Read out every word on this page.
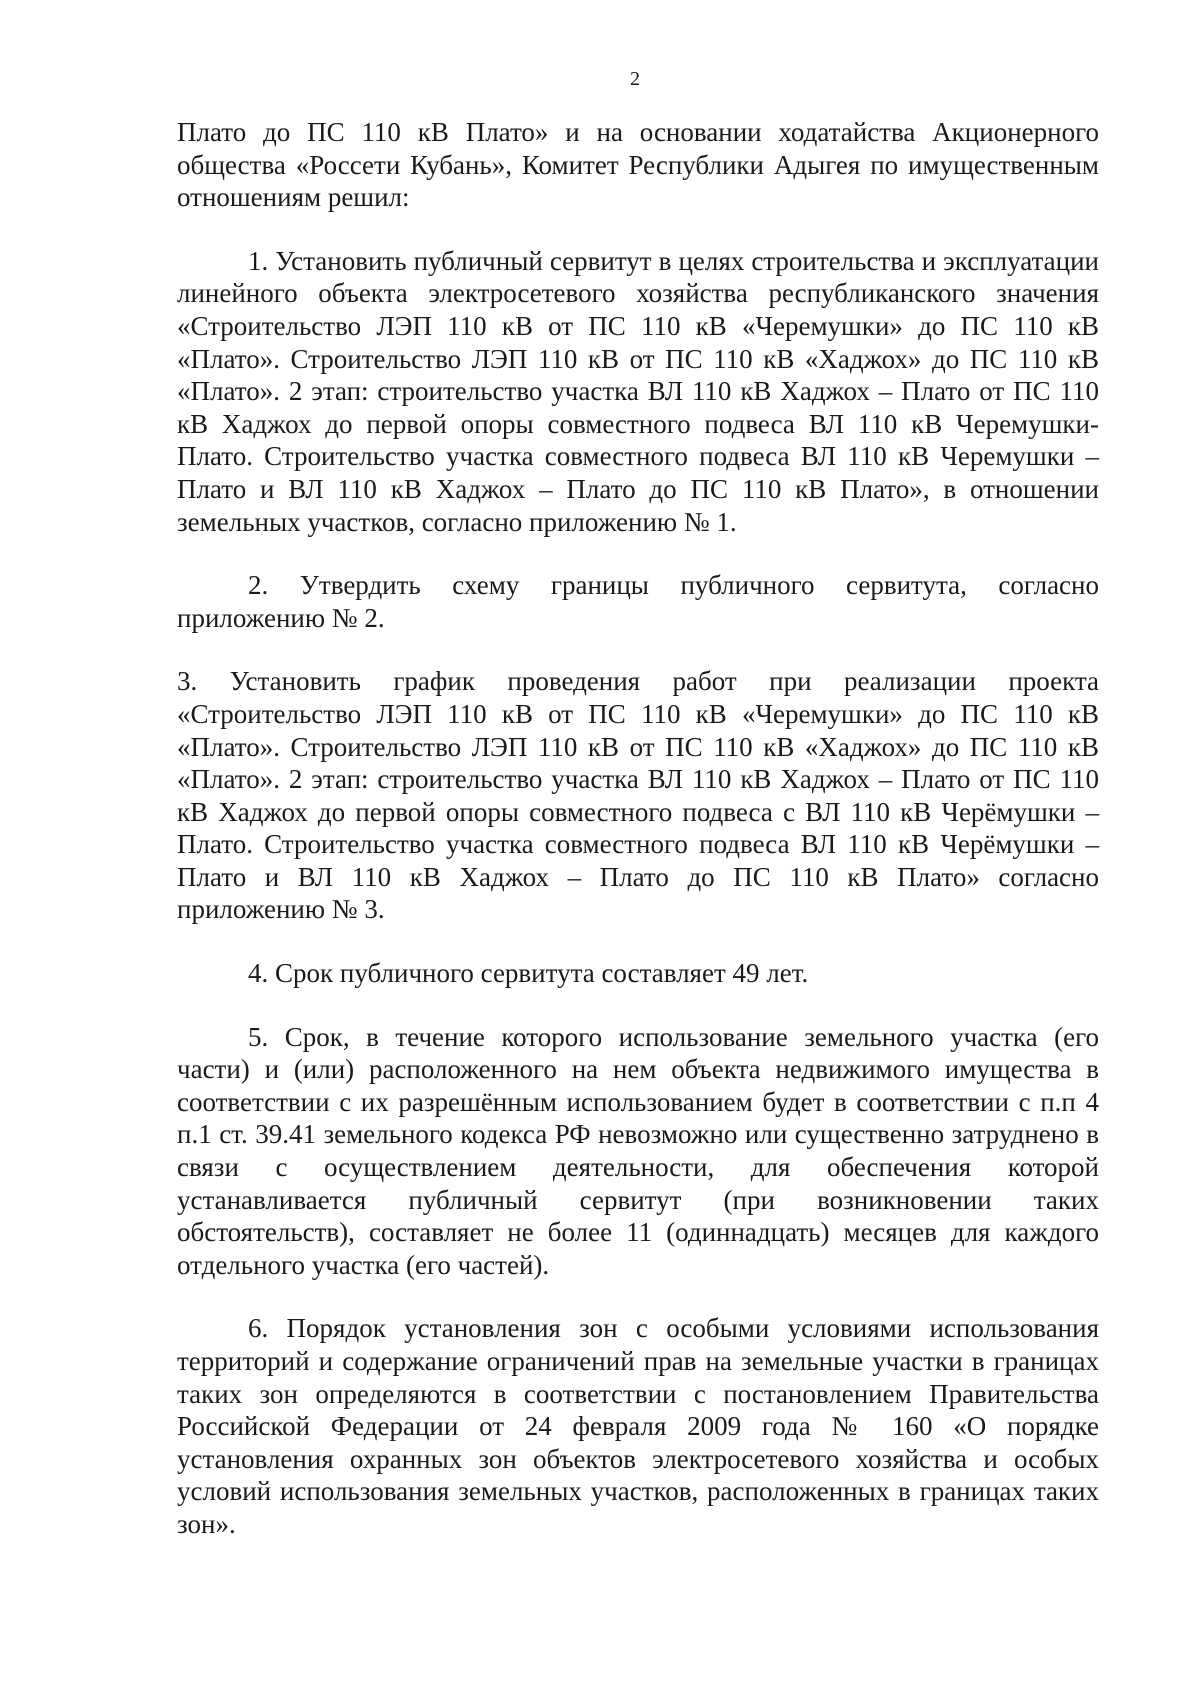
2

Плато до ПС 110 кВ Плато» и на основании ходатайства Акционерного общества «Россети Кубань», Комитет Республики Адыгея по имущественным отношениям решил:

1. Установить публичный сервитут в целях строительства и эксплуатации линейного объекта электросетевого хозяйства республиканского значения «Строительство ЛЭП 110 кВ от ПС 110 кВ «Черемушки» до ПС 110 кВ «Плато». Строительство ЛЭП 110 кВ от ПС 110 кВ «Хаджох» до ПС 110 кВ «Плато». 2 этап: строительство участка ВЛ 110 кВ Хаджох – Плато от ПС 110 кВ Хаджох до первой опоры совместного подвеса ВЛ 110 кВ Черемушки-Плато. Строительство участка совместного подвеса ВЛ 110 кВ Черемушки – Плато и ВЛ 110 кВ Хаджох – Плато до ПС 110 кВ Плато», в отношении земельных участков, согласно приложению № 1.

2. Утвердить схему границы публичного сервитута, согласно приложению № 2.

3. Установить график проведения работ при реализации проекта «Строительство ЛЭП 110 кВ от ПС 110 кВ «Черемушки» до ПС 110 кВ «Плато». Строительство ЛЭП 110 кВ от ПС 110 кВ «Хаджох» до ПС 110 кВ «Плато». 2 этап: строительство участка ВЛ 110 кВ Хаджох – Плато от ПС 110 кВ Хаджох до первой опоры совместного подвеса с ВЛ 110 кВ Черёмушки – Плато. Строительство участка совместного подвеса ВЛ 110 кВ Черёмушки – Плато и ВЛ 110 кВ Хаджох – Плато до ПС 110 кВ Плато» согласно приложению № 3.

4. Срок публичного сервитута составляет 49 лет.

5. Срок, в течение которого использование земельного участка (его части) и (или) расположенного на нем объекта недвижимого имущества в соответствии с их разрешённым использованием будет в соответствии с п.п 4 п.1 ст. 39.41 земельного кодекса РФ невозможно или существенно затруднено в связи с осуществлением деятельности, для обеспечения которой устанавливается публичный сервитут (при возникновении таких обстоятельств), составляет не более 11 (одиннадцать) месяцев для каждого отдельного участка (его частей).

6. Порядок установления зон с особыми условиями использования территорий и содержание ограничений прав на земельные участки в границах таких зон определяются в соответствии с постановлением Правительства Российской Федерации от 24 февраля 2009 года № 160 «О порядке установления охранных зон объектов электросетевого хозяйства и особых условий использования земельных участков, расположенных в границах таких зон».
